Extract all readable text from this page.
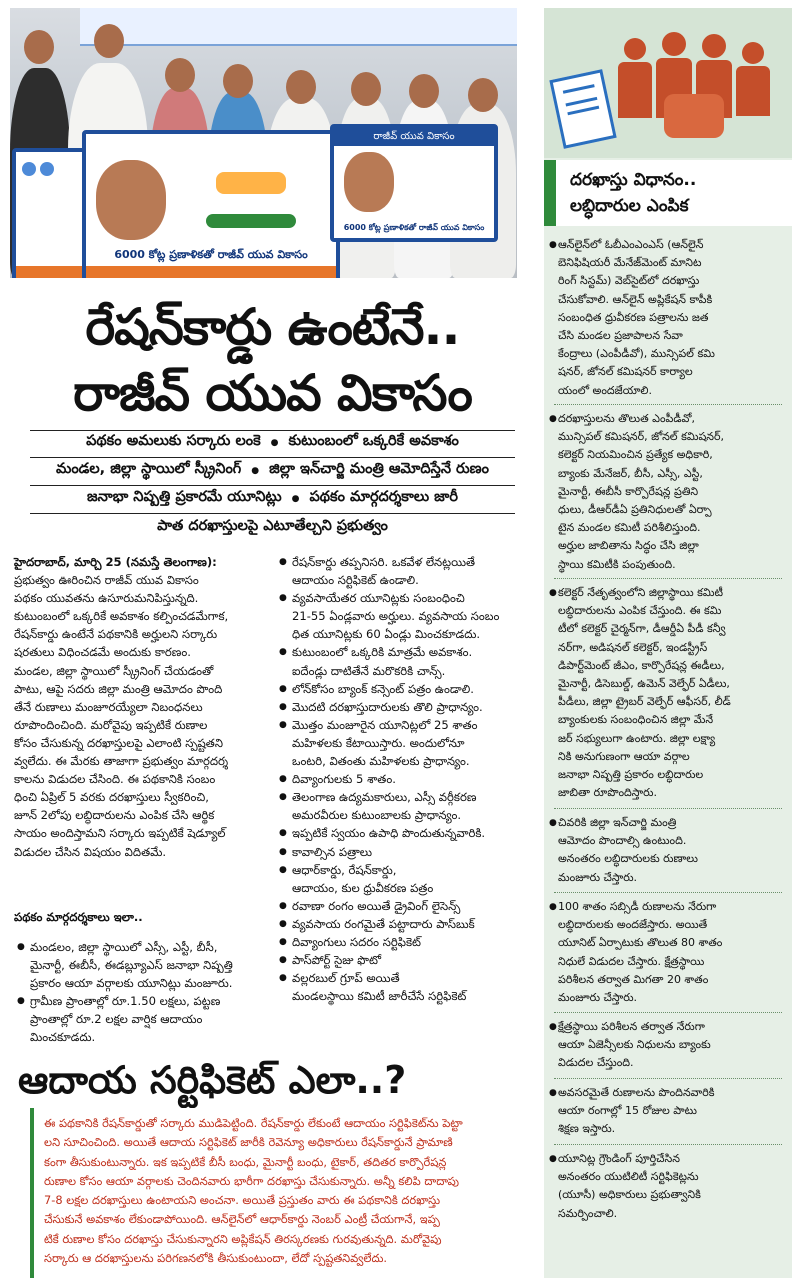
6000 కోట్ల ప్రణాళికతో రాజీవ్ యువ వికాసం
రాజీవ్ యువ వికాసం
6000 కోట్ల ప్రణాళికతో రాజీవ్ యువ వికాసం
రేషన్‌కార్డు ఉంటేనే..
రాజీవ్ యువ వికాసం
పథకం అమలుకు సర్కారు లంకె ● కుటుంబంలో ఒక్కరికే అవకాశం
మండల, జిల్లా స్థాయిలో స్క్రీనింగ్ ● జిల్లా ఇన్‌చార్జి మంత్రి ఆమోదిస్తేనే రుణం
జనాభా నిష్పత్తి ప్రకారమే యూనిట్లు ● పథకం మార్గదర్శకాలు జారీ
పాత దరఖాస్తులపై ఎటూతేల్చని ప్రభుత్వం
హైదరాబాద్, మార్చి 25 (నమస్తే తెలంగాణ):
ప్రభుత్వం ఊరించిన రాజీవ్ యువ వికాసం
పథకం యువతను ఉసూరుమనిపిస్తున్నది.
కుటుంబంలో ఒక్కరికే అవకాశం కల్పించడమేగాక,
రేషన్‌కార్డు ఉంటేనే పథకానికి అర్హులని సర్కారు
షరతులు విధించడమే అందుకు కారణం.
మండల, జిల్లా స్థాయిలో స్క్రీనింగ్ చేయడంతో
పాటు, ఆపై సదరు జిల్లా మంత్రి ఆమోదం పొంది
తేనే రుణాలు మంజూరయ్యేలా నిబంధనలు
రూపొందించింది. మరోవైపు ఇప్పటికే రుణాల
కోసం చేసుకున్న దరఖాస్తులపై ఎలాంటి స్పష్టతని
వ్వలేదు. ఈ మేరకు తాజాగా ప్రభుత్వం మార్గదర్శ
కాలను విడుదల చేసింది. ఈ పథకానికి సంబం
ధించి ఏప్రిల్ 5 వరకు దరఖాస్తులు స్వీకరించి,
జూన్ 2లోపు లబ్ధిదారులను ఎంపిక చేసి ఆర్థిక
సాయం అందిస్తామని సర్కారు ఇప్పటికే షెడ్యూల్
విడుదల చేసిన విషయం విదితమే.
పథకం మార్గదర్శకాలు ఇలా..
● మండలం, జిల్లా స్థాయిలో ఎస్సీ, ఎస్టీ, బీసీ,
మైనార్టీ, ఈబీసీ, ఈడబ్ల్యూఎస్ జనాభా నిష్పత్తి
ప్రకారం ఆయా వర్గాలకు యూనిట్లు మంజూరు.
● గ్రామీణ ప్రాంతాల్లో రూ.1.50 లక్షలు, పట్టణ
ప్రాంతాల్లో రూ.2 లక్షల వార్షిక ఆదాయం
మించకూడదు.
● రేషన్‌కార్డు తప్పనిసరి. ఒకవేళ లేనట్లయితే
ఆదాయం సర్టిఫికెట్ ఉండాలి.
● వ్యవసాయేతర యూనిట్లకు సంబంధించి
21-55 ఏండ్లవారు అర్హులు. వ్యవసాయ సంబం
ధిత యూనిట్లకు 60 ఏండ్లు మించకూడదు.
● కుటుంబంలో ఒక్కరికి మాత్రమే అవకాశం.
ఐదేండ్లు దాటితేనే మరొకరికి చాన్స్.
● లోన్‌కోసం బ్యాంక్ కన్సెంట్ పత్రం ఉండాలి.
● మొదటి దరఖాస్తుదారులకు తొలి ప్రాధాన్యం.
● మొత్తం మంజూరైన యూనిట్లలో 25 శాతం
మహిళలకు కేటాయిస్తారు. అందులోనూ
ఒంటరి, వితంతు మహిళలకు ప్రాధాన్యం.
● దివ్యాంగులకు 5 శాతం.
● తెలంగాణ ఉద్యమకారులు, ఎస్సీ వర్గీకరణ
అమరవీరుల కుటుంబాలకు ప్రాధాన్యం.
● ఇప్పటికే స్వయం ఉపాధి పొందుతున్నవారికి.
● కావాల్సిన పత్రాలు
● ఆధార్‌కార్డు, రేషన్‌కార్డు,
ఆదాయం, కుల ధ్రువీకరణ పత్రం
● రవాణా రంగం అయితే డ్రైవింగ్ లైసెన్స్
● వ్యవసాయ రంగమైతే పట్టాదారు పాస్‌బుక్
● దివ్యాంగులు సదరం సర్టిఫికెట్
● పాస్‌పోర్ట్ సైజు ఫొటో
● వల్లరబుల్ గ్రూప్ అయితే
మండలస్థాయి కమిటీ జారీచేసే సర్టిఫికెట్
ఆదాయ సర్టిఫికెట్ ఎలా..?
ఈ పథకానికి రేషన్‌కార్డుతో సర్కారు ముడిపెట్టింది. రేషన్‌కార్డు లేకుంటే ఆదాయం సర్టిఫికెట్‌ను పెట్టా
లని సూచించింది. అయితే ఆదాయ సర్టిఫికెట్ జారీకి రెవెన్యూ అధికారులు రేషన్‌కార్డునే ప్రామాణి
కంగా తీసుకుంటున్నారు. ఇక ఇప్పటికే బీసీ బంధు, మైనార్టీ బంధు, టైకార్, తదితర కార్పొరేషన్ల
రుణాల కోసం ఆయా వర్గాలకు చెందినవారు భారీగా దరఖాస్తు చేసుకున్నారు. అన్నీ కలిపి దాదాపు
7-8 లక్షల దరఖాస్తులు ఉంటాయని అంచనా. అయితే ప్రస్తుతం వారు ఈ పథకానికి దరఖాస్తు
చేసుకునే అవకాశం లేకుండాపోయింది. ఆన్‌లైన్‌లో ఆధార్‌కార్డు నెంబర్ ఎంట్రీ చేయగానే, ఇప్ప
టికే రుణాల కోసం దరఖాస్తు చేసుకున్నారని అప్లికేషన్ తిరస్కరణకు గురవుతున్నది. మరోవైపు
సర్కారు ఆ దరఖాస్తులను పరిగణనలోకి తీసుకుంటుందా, లేదో స్పష్టతనివ్వలేదు.
దరఖాస్తు విధానం..
లబ్ధిదారుల ఎంపిక
● ఆన్‌లైన్‌లో ఓబీఎంఎంఎస్ (ఆన్‌లైన్
బెనిఫిషియరీ మేనేజ్‌మెంట్ మానిట
రింగ్ సిస్టమ్) వెబ్‌సైట్‌లో దరఖాస్తు
చేసుకోవాలి. ఆన్‌లైన్ అప్లికేషన్ కాపీకి
సంబంధిత ధ్రువీకరణ పత్రాలను జత
చేసి మండల ప్రజాపాలన సేవా
కేంద్రాలు (ఎంపీడీవో), మున్సిపల్ కమి
షనర్, జోనల్ కమిషనర్ కార్యాల
యంలో అందజేయాలి.
● దరఖాస్తులను తొలుత ఎంపీడీవో,
మున్సిపల్ కమిషనర్, జోనల్ కమిషనర్,
కలెక్టర్ నియమించిన ప్రత్యేక అధికారి,
బ్యాంకు మేనేజర్, బీసీ, ఎస్సీ, ఎస్టీ,
మైనార్టీ, ఈబీసీ కార్పొరేషన్ల ప్రతిని
ధులు, డీఆర్‌డీఏ ప్రతినిధులతో ఏర్పా
టైన మండల కమిటీ పరిశీలిస్తుంది.
అర్హుల జాబితాను సిద్ధం చేసి జిల్లా
స్థాయి కమిటీకి పంపుతుంది.
● కలెక్టర్ నేతృత్వంలోని జిల్లాస్థాయి కమిటీ
లబ్ధిదారులను ఎంపిక చేస్తుంది. ఈ కమి
టీలో కలెక్టర్ చైర్మన్‌గా, డీఆర్డీఏ పీడీ కన్వీ
నర్‌గా, అడిషనల్ కలెక్టర్, ఇండస్ట్రీస్
డిపార్ట్‌మెంట్ జీఎం, కార్పొరేషన్ల ఈడీలు,
మైనార్టీ, డిసెబుల్డ్, ఉమెన్ వెల్ఫేర్ ఏడీలు,
పీడీలు, జిల్లా ట్రైబర్ వెల్ఫేర్ ఆఫీసర్, లీడ్
బ్యాంకులకు సంబంధించిన జిల్లా మేనే
జర్ సభ్యులుగా ఉంటారు. జిల్లా లక్ష్యా
నికి అనుగుణంగా ఆయా వర్గాల
జనాభా నిష్పత్తి ప్రకారం లబ్ధిదారుల
జాబితా రూపొందిస్తారు.
● చివరికి జిల్లా ఇన్‌చార్జి మంత్రి
ఆమోదం పొందాల్సి ఉంటుంది.
అనంతరం లబ్ధిదారులకు రుణాలు
మంజూరు చేస్తారు.
● 100 శాతం సబ్సిడీ రుణాలను నేరుగా
లబ్ధిదారులకు అందజేస్తారు. అయితే
యూనిట్ ఏర్పాటుకు తొలుత 80 శాతం
నిధులే విడుదల చేస్తారు. క్షేత్రస్థాయి
పరిశీలన తర్వాత మిగతా 20 శాతం
మంజూరు చేస్తారు.
● క్షేత్రస్థాయి పరిశీలన తర్వాత నేరుగా
ఆయా ఏజెన్సీలకు నిధులను బ్యాంకు
విడుదల చేస్తుంది.
● అవసరమైతే రుణాలను పొందినవారికి
ఆయా రంగాల్లో 15 రోజుల పాటు
శిక్షణ ఇస్తారు.
● యూనిట్ల గ్రౌండింగ్ పూర్తిచేసిన
అనంతరం యుటిలిటీ సర్టిఫికెట్లను
(యూసీ) అధికారులు ప్రభుత్వానికి
సమర్పించాలి.
